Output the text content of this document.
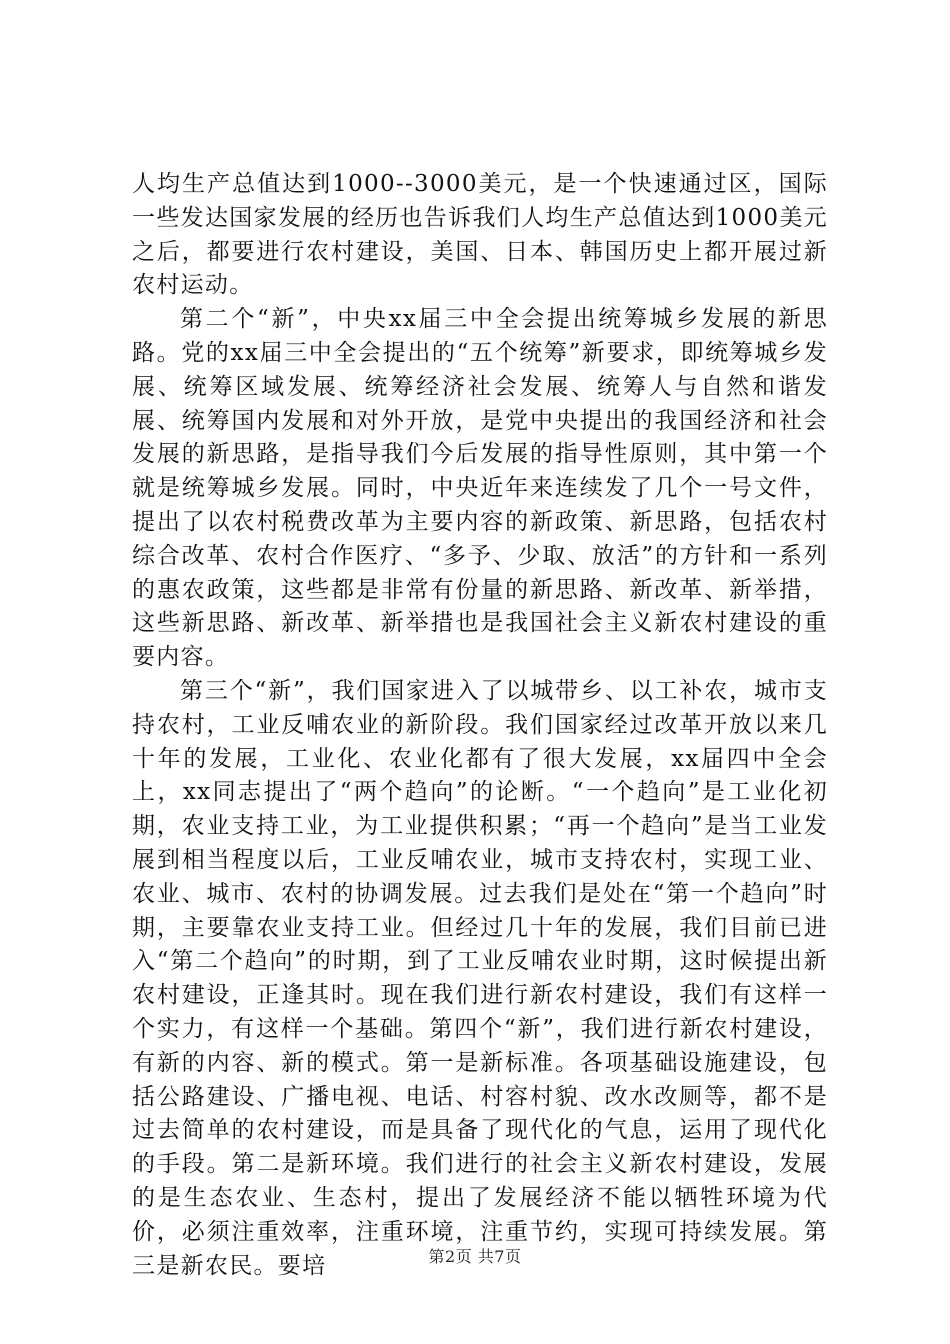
人均生产总值达到1000--3000美元，是一个快速通过区，国际一些发达国家发展的经历也告诉我们人均生产总值达到1000美元之后，都要进行农村建设，美国、日本、韩国历史上都开展过新农村运动。

第二个“新”，中央xx届三中全会提出统筹城乡发展的新思路。党的xx届三中全会提出的“五个统筹”新要求，即统筹城乡发展、统筹区域发展、统筹经济社会发展、统筹人与自然和谐发展、统筹国内发展和对外开放，是党中央提出的我国经济和社会发展的新思路，是指导我们今后发展的指导性原则，其中第一个就是统筹城乡发展。同时，中央近年来连续发了几个一号文件，提出了以农村税费改革为主要内容的新政策、新思路，包括农村综合改革、农村合作医疗、“多予、少取、放活”的方针和一系列的惠农政策，这些都是非常有份量的新思路、新改革、新举措，这些新思路、新改革、新举措也是我国社会主义新农村建设的重要内容。

第三个“新”，我们国家进入了以城带乡、以工补农，城市支持农村，工业反哺农业的新阶段。我们国家经过改革开放以来几十年的发展，工业化、农业化都有了很大发展，xx届四中全会上，xx同志提出了“两个趋向”的论断。“一个趋向”是工业化初期，农业支持工业，为工业提供积累；“再一个趋向”是当工业发展到相当程度以后，工业反哺农业，城市支持农村，实现工业、农业、城市、农村的协调发展。过去我们是处在“第一个趋向”时期，主要靠农业支持工业。但经过几十年的发展，我们目前已进入“第二个趋向”的时期，到了工业反哺农业时期，这时候提出新农村建设，正逢其时。现在我们进行新农村建设，我们有这样一个实力，有这样一个基础。第四个“新”，我们进行新农村建设，有新的内容、新的模式。第一是新标准。各项基础设施建设，包括公路建设、广播电视、电话、村容村貌、改水改厕等，都不是过去简单的农村建设，而是具备了现代化的气息，运用了现代化的手段。第二是新环境。我们进行的社会主义新农村建设，发展的是生态农业、生态村，提出了发展经济不能以牺牲环境为代价，必须注重效率，注重环境，注重节约，实现可持续发展。第三是新农民。要培	第2页 共7页
